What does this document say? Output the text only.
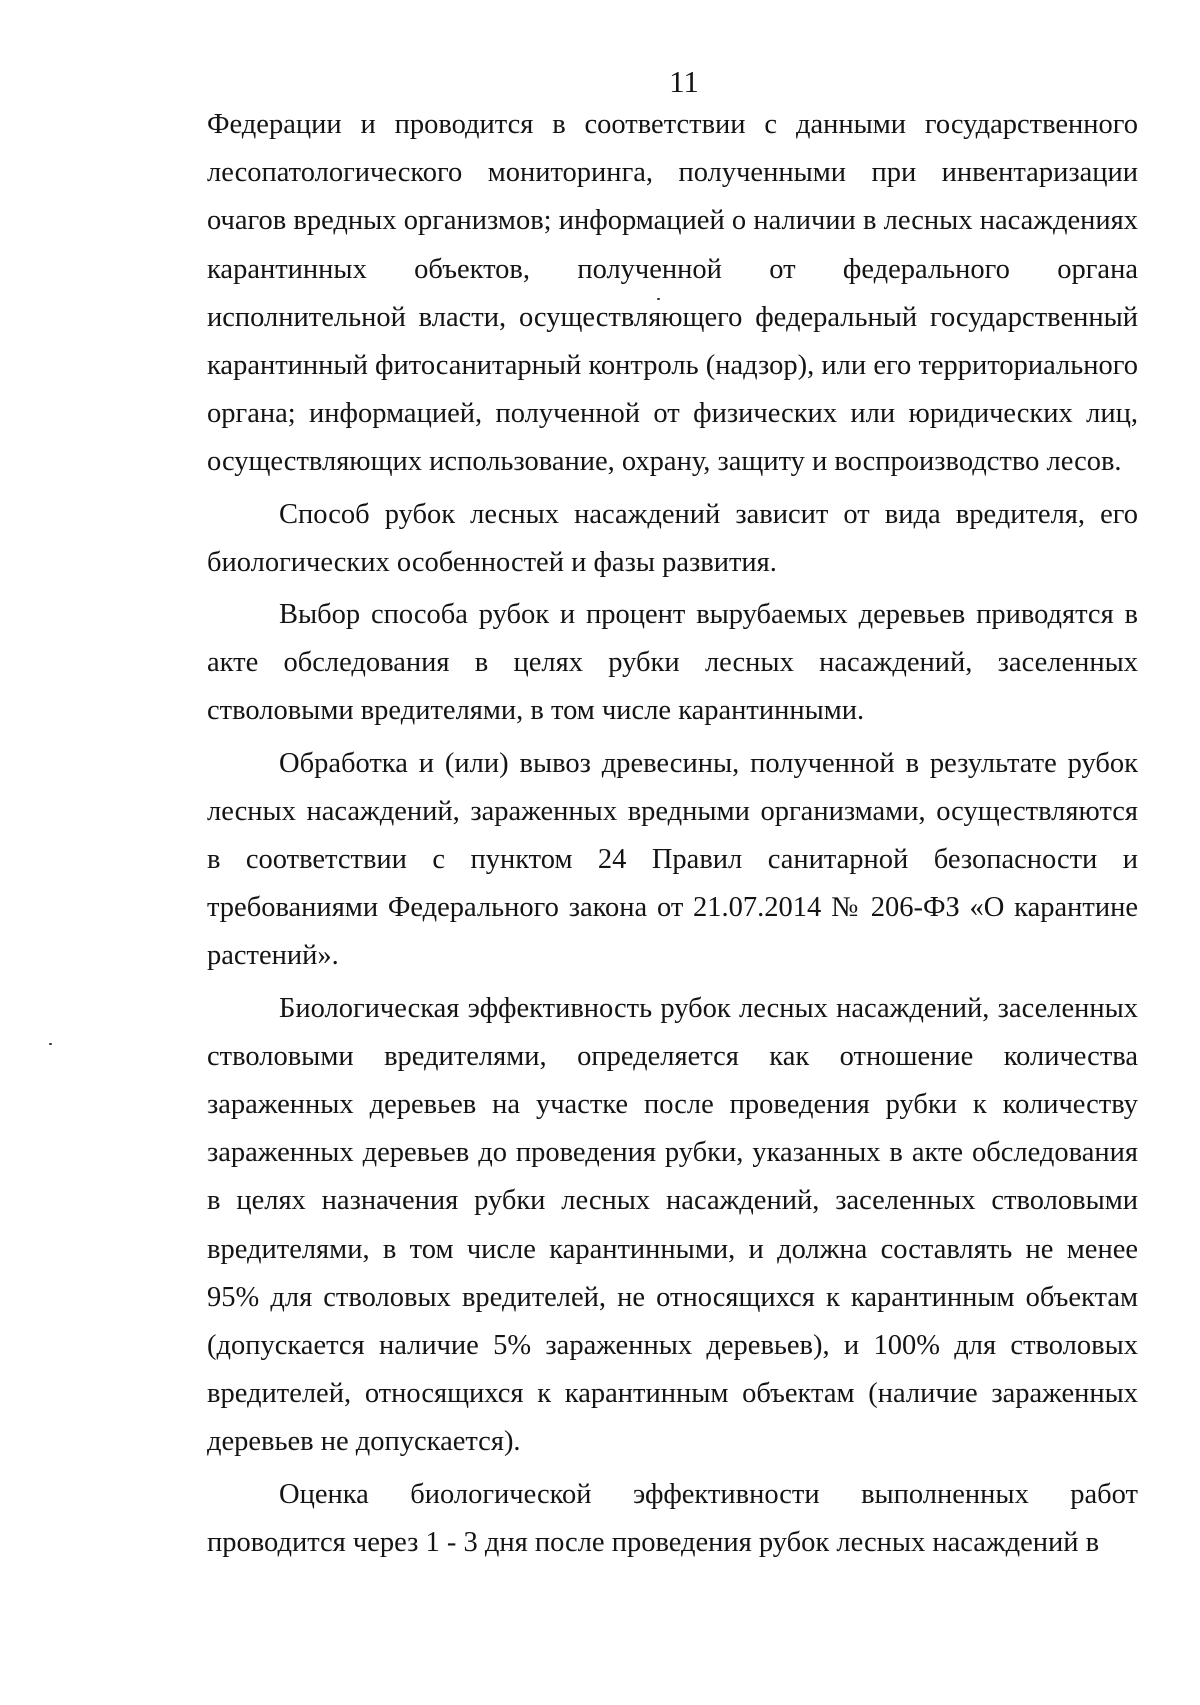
11

Федерации и проводится в соответствии с данными государственного лесопатологического мониторинга, полученными при инвентаризации очагов вредных организмов; информацией о наличии в лесных насаждениях карантинных объектов, полученной от федерального органа исполнительной власти, осуществляющего федеральный государственный карантинный фитосанитарный контроль (надзор), или его территориального органа; информацией, полученной от физических или юридических лиц, осуществляющих использование, охрану, защиту и воспроизводство лесов.

Способ рубок лесных насаждений зависит от вида вредителя, его биологических особенностей и фазы развития.

Выбор способа рубок и процент вырубаемых деревьев приводятся в акте обследования в целях рубки лесных насаждений, заселенных стволовыми вредителями, в том числе карантинными.

Обработка и (или) вывоз древесины, полученной в результате рубок лесных насаждений, зараженных вредными организмами, осуществляются в соответствии с пунктом 24 Правил санитарной безопасности и требованиями Федерального закона от 21.07.2014 № 206-ФЗ «О карантине растений».

Биологическая эффективность рубок лесных насаждений, заселенных стволовыми вредителями, определяется как отношение количества зараженных деревьев на участке после проведения рубки к количеству зараженных деревьев до проведения рубки, указанных в акте обследования в целях назначения рубки лесных насаждений, заселенных стволовыми вредителями, в том числе карантинными, и должна составлять не менее 95% для стволовых вредителей, не относящихся к карантинным объектам (допускается наличие 5% зараженных деревьев), и 100% для стволовых вредителей, относящихся к карантинным объектам (наличие зараженных деревьев не допускается).

Оценка биологической эффективности выполненных работ проводится через 1 - 3 дня после проведения рубок лесных насаждений в
